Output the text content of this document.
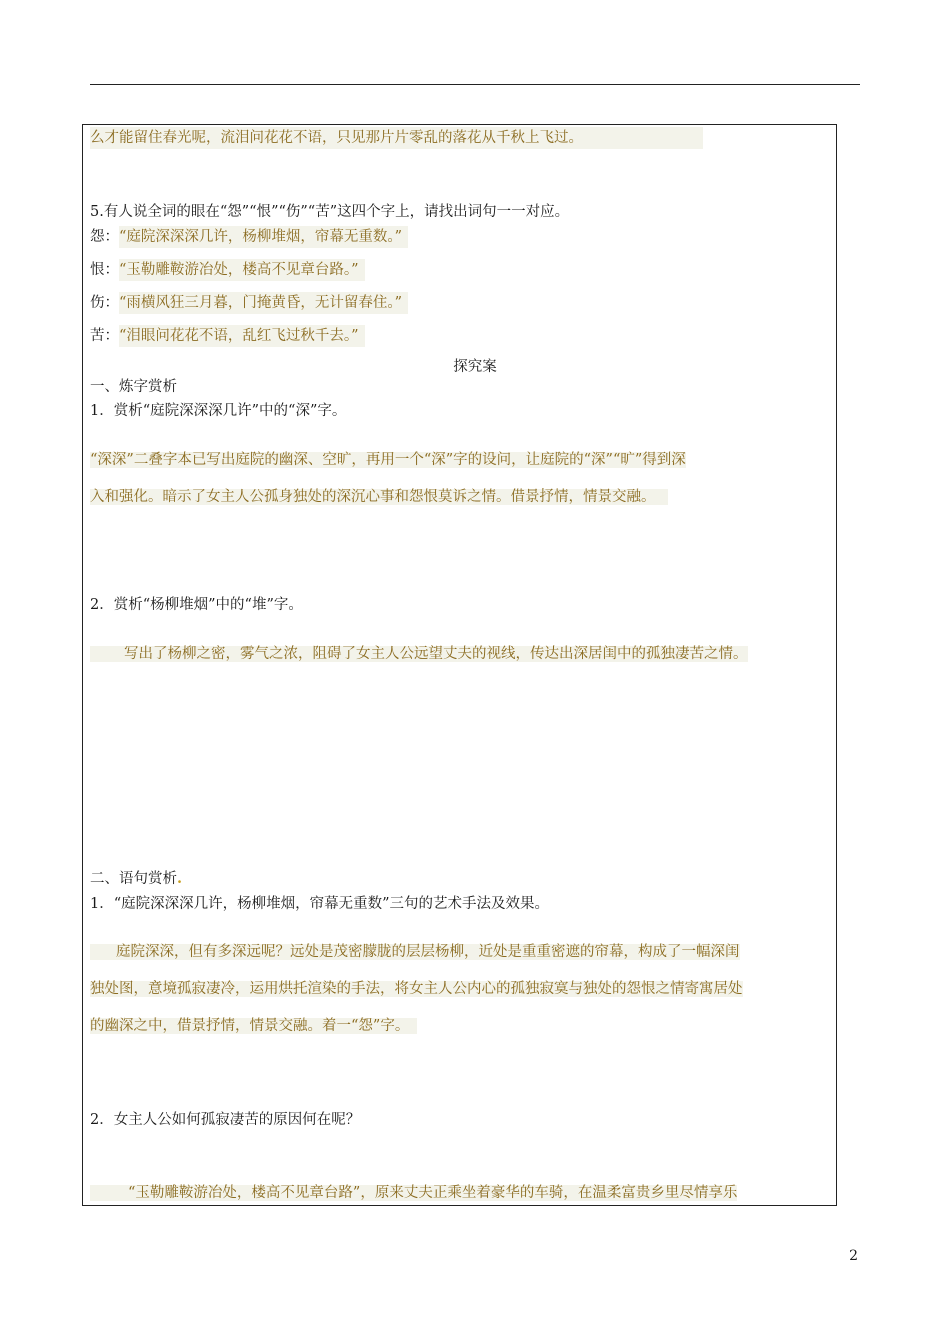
么才能留住春光呢，流泪问花花不语，只见那片片零乱的落花从千秋上飞过。
5.有人说全词的眼在“怨”“恨”“伤”“苦”这四个字上，请找出词句一一对应。
怨：“庭院深深深几许，杨柳堆烟，帘幕无重数。”
恨：“玉勒雕鞍游冶处，楼高不见章台路。”
伤：“雨横风狂三月暮，门掩黄昏，无计留春住。”
苦：“泪眼问花花不语，乱红飞过秋千去。”
探究案
一、炼字赏析
1．赏析“庭院深深深几许”中的“深”字。
“深深”二叠字本已写出庭院的幽深、空旷，再用一个“深”字的设问，让庭院的“深”“旷”得到深
入和强化。暗示了女主人公孤身独处的深沉心事和怨恨莫诉之情。借景抒情，情景交融。
2．赏析“杨柳堆烟”中的“堆”字。
写出了杨柳之密，雾气之浓，阻碍了女主人公远望丈夫的视线，传达出深居闺中的孤独凄苦之情。
二、语句赏析.
1．“庭院深深深几许，杨柳堆烟，帘幕无重数”三句的艺术手法及效果。
庭院深深，但有多深远呢？远处是茂密朦胧的层层杨柳，近处是重重密遮的帘幕，构成了一幅深闺
独处图，意境孤寂凄冷，运用烘托渲染的手法，将女主人公内心的孤独寂寞与独处的怨恨之情寄寓居处
的幽深之中，借景抒情，情景交融。着一“怨”字。
2．女主人公如何孤寂凄苦的原因何在呢？
“玉勒雕鞍游冶处，楼高不见章台路”，原来丈夫正乘坐着豪华的车骑，在温柔富贵乡里尽情享乐
2
